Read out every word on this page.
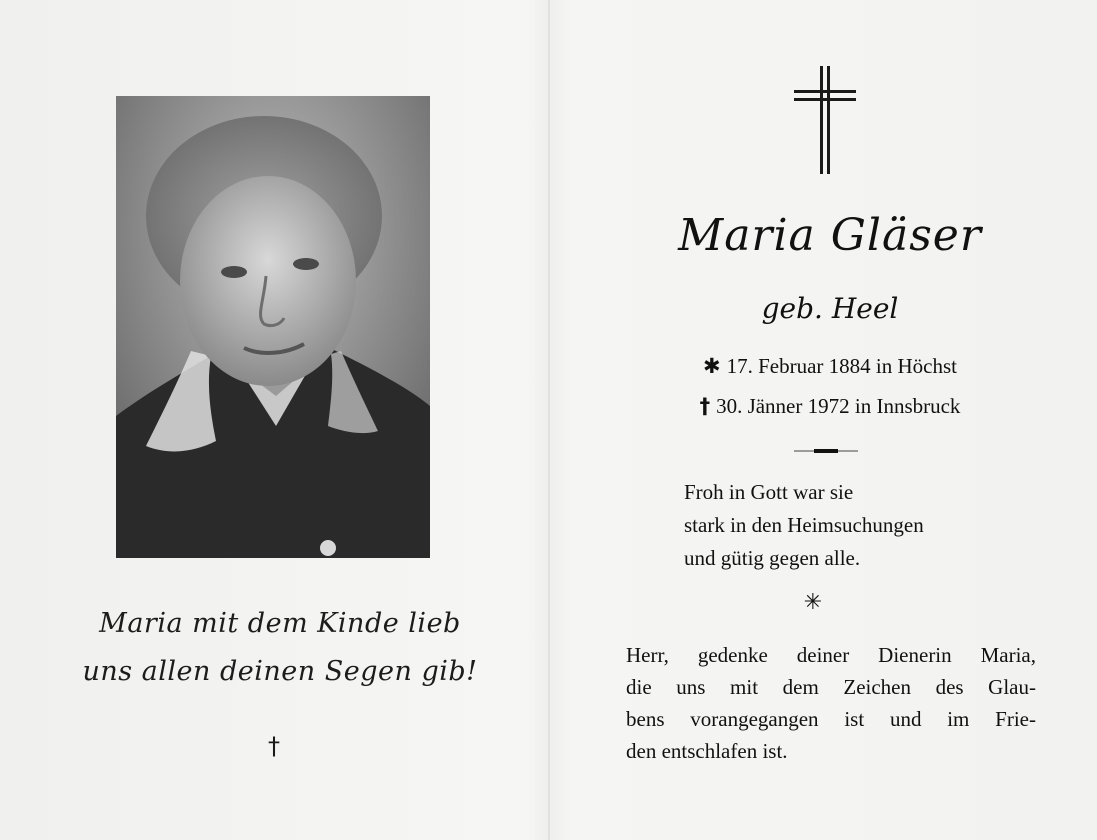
Maria mit dem Kinde lieb
uns allen deinen Segen gib!
†
Maria Gläser
geb. Heel
✱ 17. Februar 1884 in Höchst
† 30. Jänner 1972 in Innsbruck
Froh in Gott war sie
stark in den Heimsuchungen
und gütig gegen alle.
✳
Herr, gedenke deiner Dienerin Maria,
die uns mit dem Zeichen des Glau-
bens vorangegangen ist und im Frie-
den entschlafen ist.
